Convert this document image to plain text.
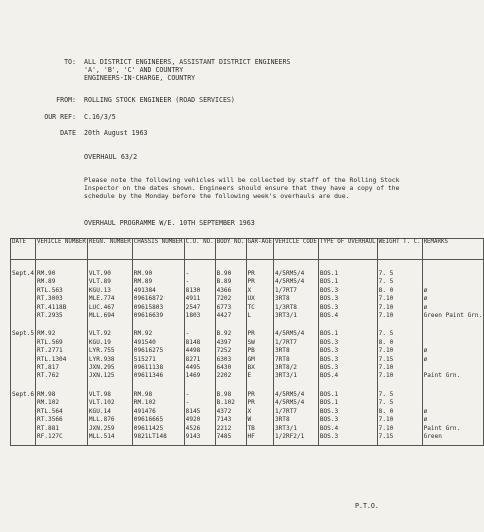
TO: ALL DISTRICT ENGINEERS, ASSISTANT DISTRICT ENGINEERS
'A', 'B', 'C' AND COUNTRY
ENGINEERS-IN-CHARGE, COUNTRY
FROM: ROLLING STOCK ENGINEER (ROAD SERVICES)
OUR REF: C.16/3/5
DATE 20th August 1963
OVERHAUL 63/2
Please note the following vehicles will be collected by staff of the Rolling Stock Inspector on the dates shown. Engineers should ensure that they have a copy of the schedule by the Monday before the following week's overhauls are due.
OVERHAUL PROGRAMME W/E. 10TH SEPTEMBER 1963
DATE	VEHICLE NUMBER	REGN. NUMBER	CHASSIS NUMBER	C.U. NO.	BODY NO.	GAR-AGE	VEHICLE CODE	TYPE OF OVERHAUL	WEIGHT T. C.	REMARKS

Sept.4	RM.90	VLT.90	RM.90	-	B.90	PR	4/5RM5/4	BOS.1	7. 5	
	RM.89	VLT.89	RM.89	-	B.89	PR	4/5RM5/4	BOS.1	7. 5	
	RTL.563	KGU.13	491384	8130	4366	X	1/7RT7	BOS.3	8. 0	ø
	RT.3003	MLE.774	09616872	4911	7202	UX	3RT8	BOS.3	7.10	ø
	RT.4118B	LUC.467	09615803	2547	6773	TC	1/3RT8	BOS.3	7.10	ø
	RT.2935	MLL.694	09616639	1803	4427	L	3RT3/1	BOS.4	7.10	Green Paint Grn.

Sept.5	RM.92	VLT.92	RM.92	-	B.92	PR	4/5RM5/4	BOS.1	7. 5	
	RTL.569	KGU.19	491540	8148	4397	SW	1/7RT7	BOS.3	8. 0	
	RT.2771	LYR.755	09616275	4498	7252	PB	3RT8	BOS.3	7.10	ø
	RTL.1304	LYR.938	515271	8271	6303	GM	7RT8	BOS.3	7.15	ø
	RT.817	JXN.295	09611138	4495	6430	BX	3RT8/2	BOS.3	7.10	
	RT.762	JXN.125	09611346	1469	2202	E	3RT3/1	BOS.4	7.10	Paint Grn.

Sept.6	RM.98	VLT.98	RM.98	-	B.98	PR	4/5RM5/4	BOS.1	7. 5	
	RM.102	VLT.102	RM.102	-	B.102	PR	4/5RM5/4	BOS.1	7. 5	
	RTL.564	KGU.14	491476	8145	4372	X	1/7RT7	BOS.3	8. 0	ø
	RT.3566	MLL.876	09616665	4920	7143	W	3RT8	BOS.3	7.10	ø
	RT.881	JXN.259	09611425	4526	2212	TB	3RT3/1	BOS.4	7.10	Paint Grn.
	RF.127C	MLL.514	9821LT148	9143	7485	HF	1/2RF2/1	BOS.3	7.15	Green

P.T.O.
